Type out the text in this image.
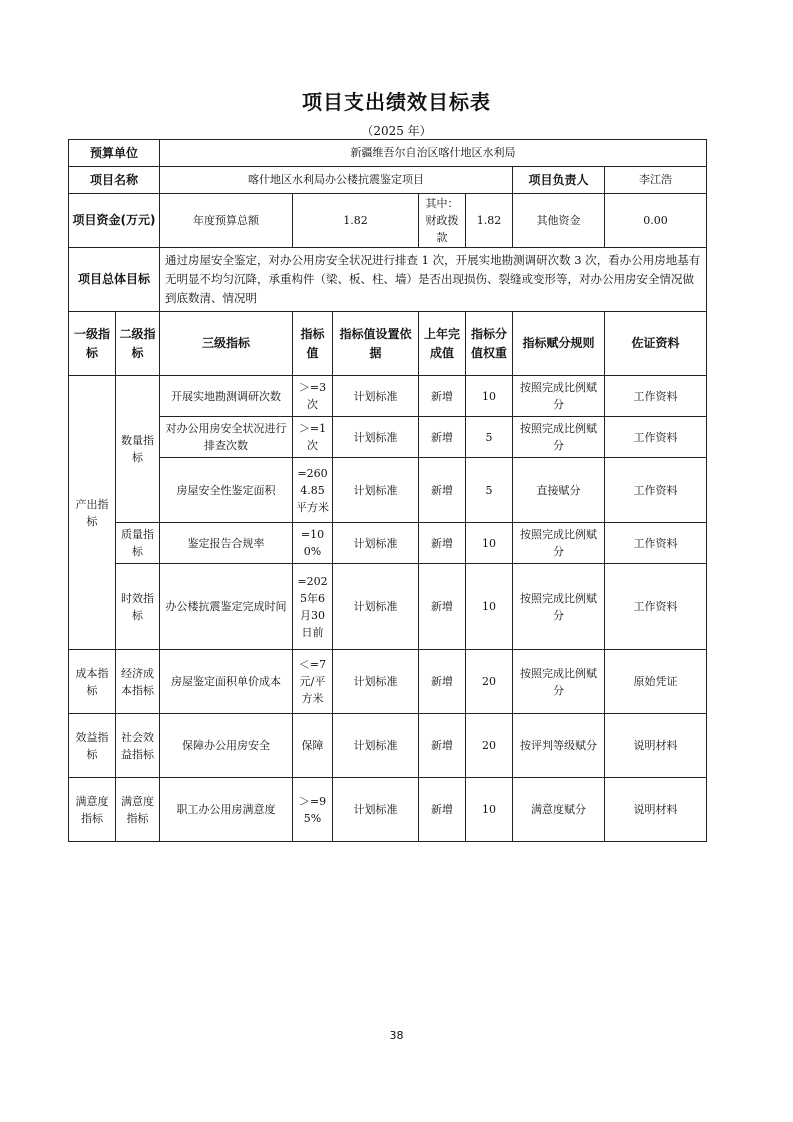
项目支出绩效目标表
（2025 年）
预算单位		新疆维吾尔自治区喀什地区水利局						
项目名称		喀什地区水利局办公楼抗震鉴定项目					项目负责人	李江浩
项目资金(万元)		年度预算总额	1.82		其中：财政拨款	1.82	其他资金	0.00
项目总体目标		通过房屋安全鉴定，对办公用房安全状况进行排查 1 次，开展实地勘测调研次数 3 次，看办公用房地基有无明显不均匀沉降，承重构件（梁、板、柱、墙）是否出现损伤、裂缝或变形等，对办公用房安全情况做到底数清、情况明						
一级指标	二级指标	三级指标	指标值	指标值设置依据	上年完成值	指标分值权重	指标赋分规则	佐证资料
产出指标	数量指标	开展实地勘测调研次数	＞=3次	计划标准	新增	10	按照完成比例赋分	工作资料
		对办公用房安全状况进行排查次数	＞=1次	计划标准	新增	5	按照完成比例赋分	工作资料
		房屋安全性鉴定面积	=2604.85 平方米	计划标准	新增	5	直接赋分	工作资料
	质量指标	鉴定报告合规率	=100%	计划标准	新增	10	按照完成比例赋分	工作资料
	时效指标	办公楼抗震鉴定完成时间	=2025年6月30日前	计划标准	新增	10	按照完成比例赋分	工作资料
成本指标	经济成本指标	房屋鉴定面积单价成本	＜=7元/平方米	计划标准	新增	20	按照完成比例赋分	原始凭证
效益指标	社会效益指标	保障办公用房安全	保障	计划标准	新增	20	按评判等级赋分	说明材料
满意度指标	满意度指标	职工办公用房满意度	＞=95%	计划标准	新增	10	满意度赋分	说明材料
38
